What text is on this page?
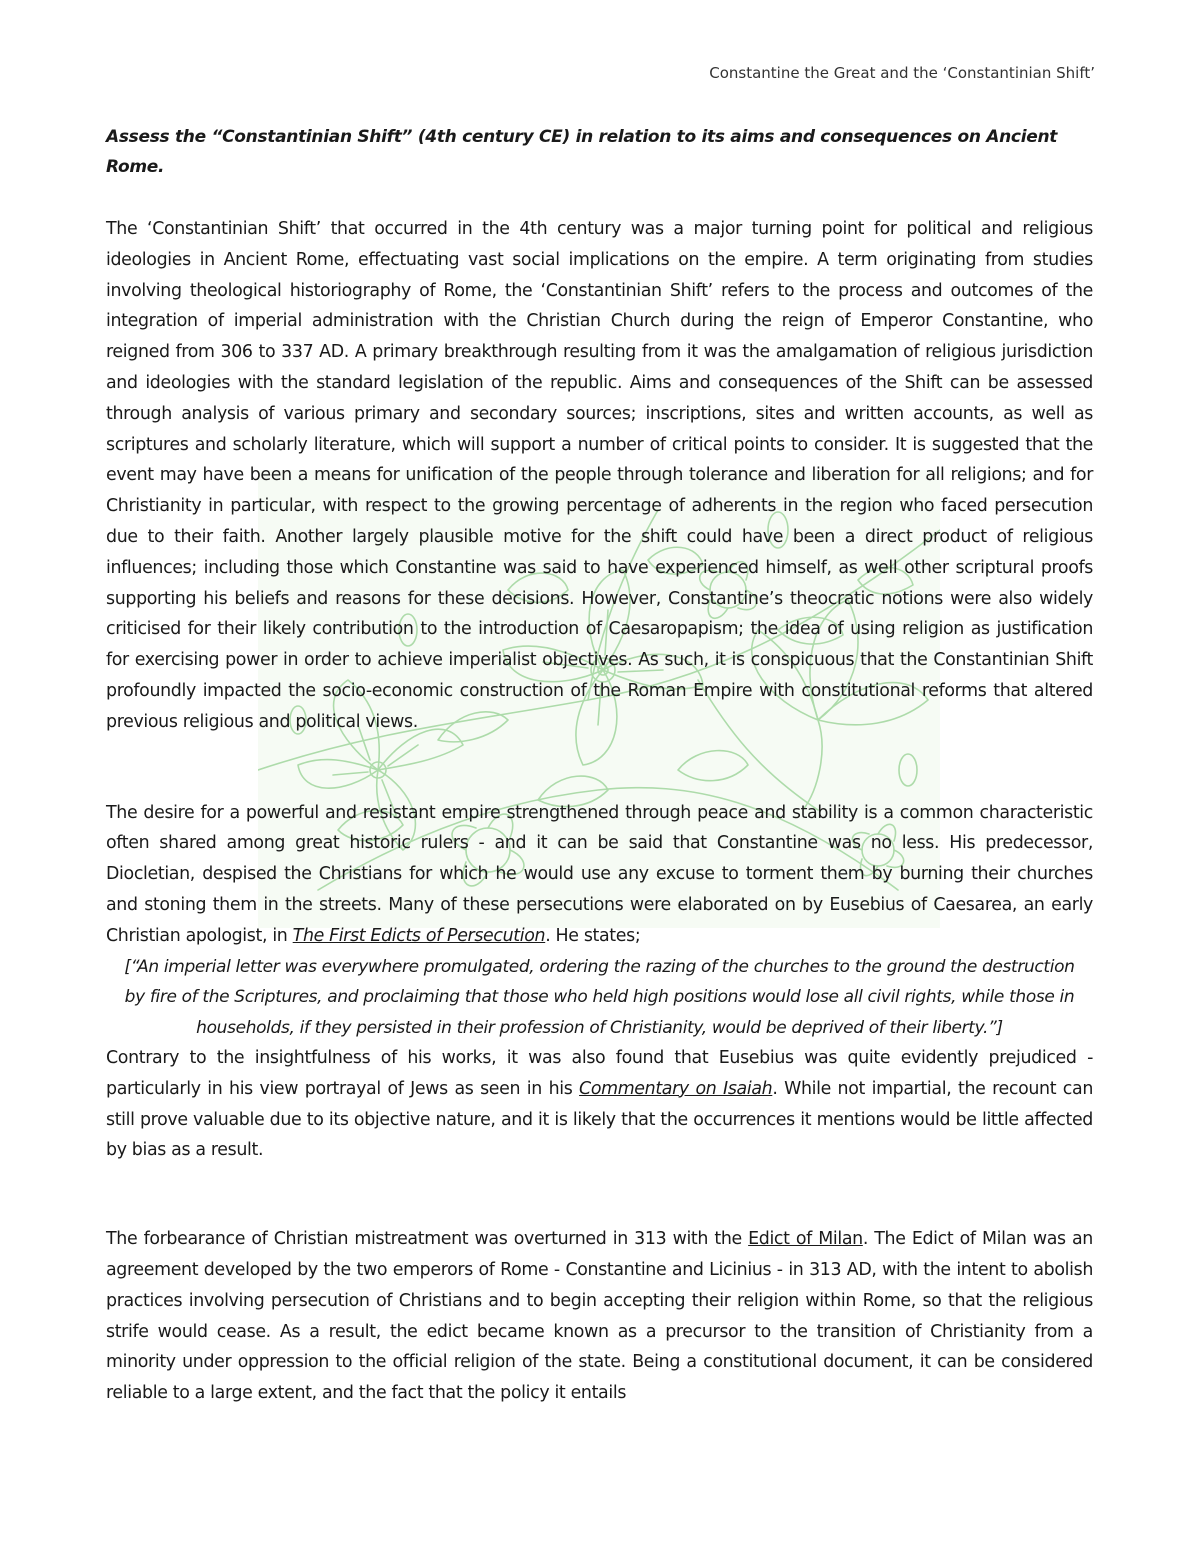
Constantine the Great and the ‘Constantinian Shift’

Assess the “Constantinian Shift” (4th century CE) in relation to its aims and consequences on Ancient Rome.

The ‘Constantinian Shift’ that occurred in the 4th century was a major turning point for political and religious ideologies in Ancient Rome, effectuating vast social implications on the empire. A term originating from studies involving theological historiography of Rome, the ‘Constantinian Shift’ refers to the process and outcomes of the integration of imperial administration with the Christian Church during the reign of Emperor Constantine, who reigned from 306 to 337 AD. A primary breakthrough resulting from it was the amalgamation of religious jurisdiction and ideologies with the standard legislation of the republic. Aims and consequences of the Shift can be assessed through analysis of various primary and secondary sources; inscriptions, sites and written accounts, as well as scriptures and scholarly literature, which will support a number of critical points to consider. It is suggested that the event may have been a means for unification of the people through tolerance and liberation for all religions; and for Christianity in particular, with respect to the growing percentage of adherents in the region who faced persecution due to their faith. Another largely plausible motive for the shift could have been a direct product of religious influences; including those which Constantine was said to have experienced himself, as well other scriptural proofs supporting his beliefs and reasons for these decisions. However, Constantine’s theocratic notions were also widely criticised for their likely contribution to the introduction of Caesaropapism; the idea of using religion as justification for exercising power in order to achieve imperialist objectives. As such, it is conspicuous that the Constantinian Shift profoundly impacted the socio-economic construction of the Roman Empire with constitutional reforms that altered previous religious and political views.

The desire for a powerful and resistant empire strengthened through peace and stability is a common characteristic often shared among great historic rulers - and it can be said that Constantine was no less. His predecessor, Diocletian, despised the Christians for which he would use any excuse to torment them by burning their churches and stoning them in the streets. Many of these persecutions were elaborated on by Eusebius of Caesarea, an early Christian apologist, in The First Edicts of Persecution. He states;

[“An imperial letter was everywhere promulgated, ordering the razing of the churches to the ground the destruction by fire of the Scriptures, and proclaiming that those who held high positions would lose all civil rights, while those in households, if they persisted in their profession of Christianity, would be deprived of their liberty.”]

Contrary to the insightfulness of his works, it was also found that Eusebius was quite evidently prejudiced - particularly in his view portrayal of Jews as seen in his Commentary on Isaiah. While not impartial, the recount can still prove valuable due to its objective nature, and it is likely that the occurrences it mentions would be little affected by bias as a result.

The forbearance of Christian mistreatment was overturned in 313 with the Edict of Milan. The Edict of Milan was an agreement developed by the two emperors of Rome - Constantine and Licinius - in 313 AD, with the intent to abolish practices involving persecution of Christians and to begin accepting their religion within Rome, so that the religious strife would cease. As a result, the edict became known as a precursor to the transition of Christianity from a minority under oppression to the official religion of the state. Being a constitutional document, it can be considered reliable to a large extent, and the fact that the policy it entails
